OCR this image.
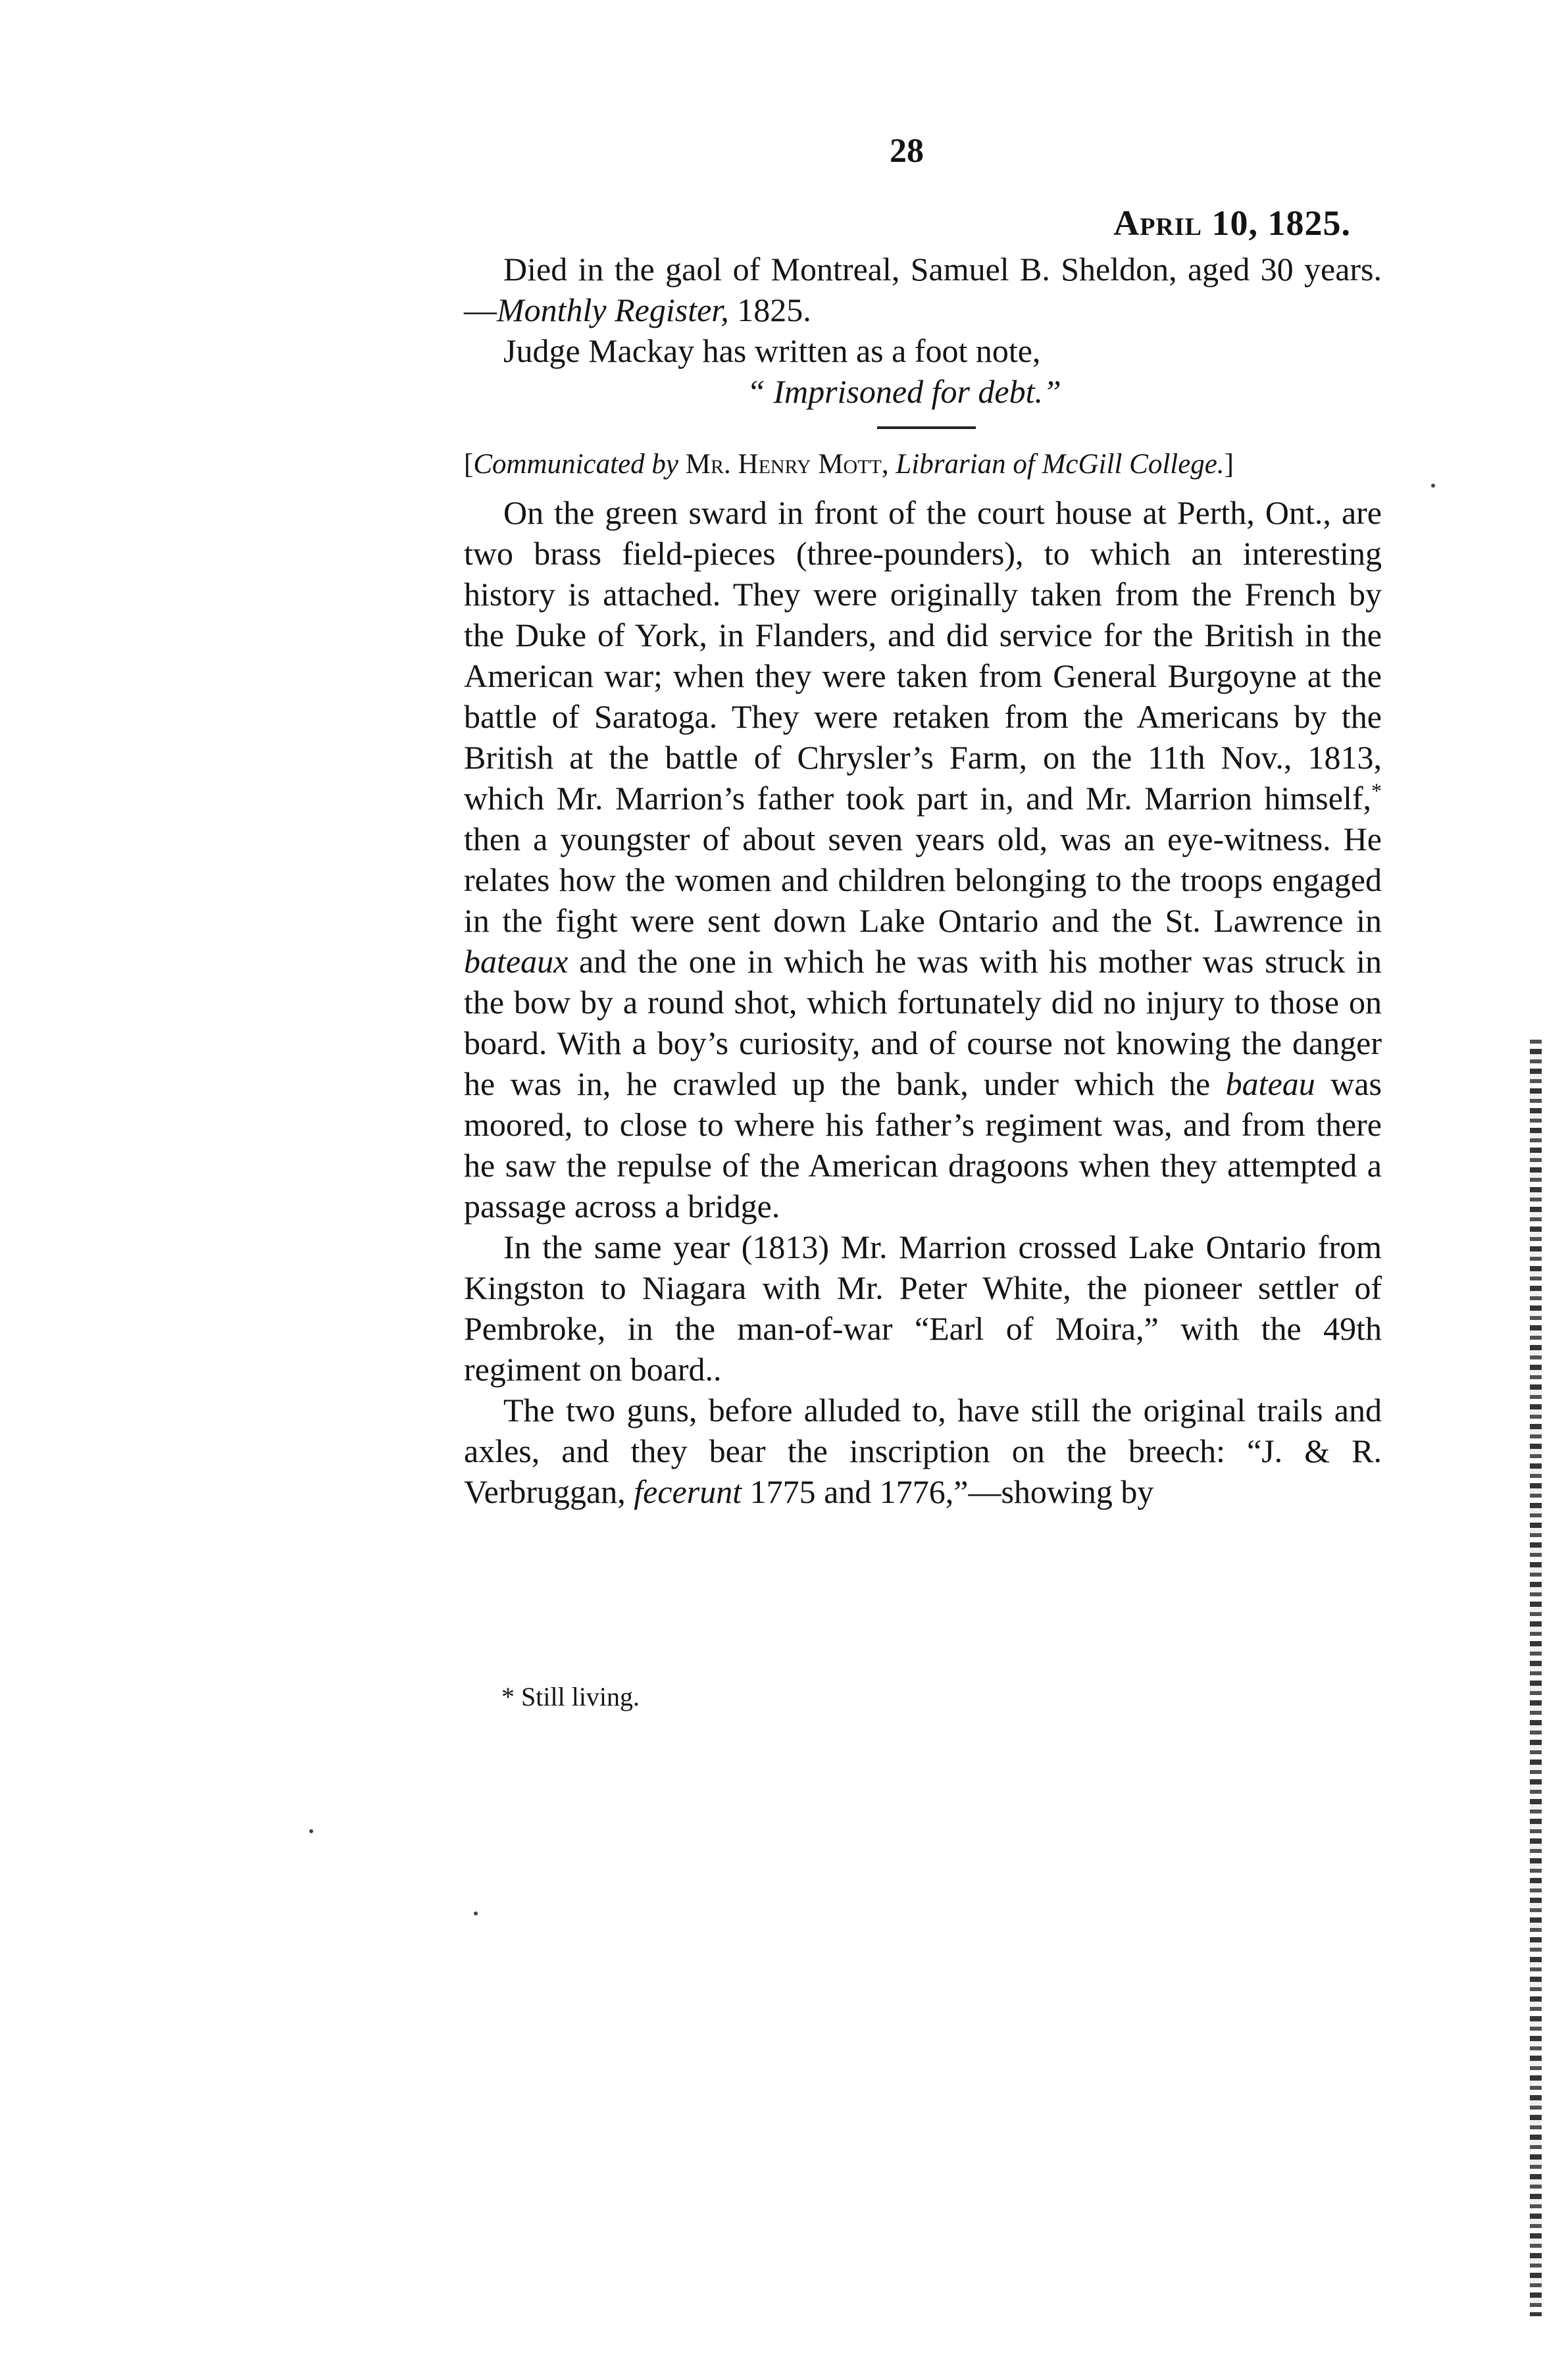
28
April 10, 1825.

Died in the gaol of Montreal, Samuel B. Sheldon, aged 30 years.—Monthly Register, 1825.

Judge Mackay has written as a foot note,

“ Imprisoned for debt.”

[Communicated by Mr. Henry Mott, Librarian of McGill College.]

On the green sward in front of the court house at Perth, Ont., are two brass field-pieces (three-pounders), to which an interesting history is attached. They were originally taken from the French by the Duke of York, in Flanders, and did service for the British in the American war; when they were taken from General Burgoyne at the battle of Saratoga. They were retaken from the Americans by the British at the battle of Chrysler’s Farm, on the 11th Nov., 1813, which Mr. Marrion’s father took part in, and Mr. Marrion himself,* then a youngster of about seven years old, was an eye-witness. He relates how the women and children belonging to the troops engaged in the fight were sent down Lake Ontario and the St. Lawrence in bateaux and the one in which he was with his mother was struck in the bow by a round shot, which fortunately did no injury to those on board. With a boy’s curiosity, and of course not knowing the danger he was in, he crawled up the bank, under which the bateau was moored, to close to where his father’s regiment was, and from there he saw the repulse of the American dragoons when they attempted a passage across a bridge.

In the same year (1813) Mr. Marrion crossed Lake Ontario from Kingston to Niagara with Mr. Peter White, the pioneer settler of Pembroke, in the man-of-war “Earl of Moira,” with the 49th regiment on board..

The two guns, before alluded to, have still the original trails and axles, and they bear the inscription on the breech: “J. & R. Verbruggan, fecerunt 1775 and 1776,”—showing by

* Still living.
